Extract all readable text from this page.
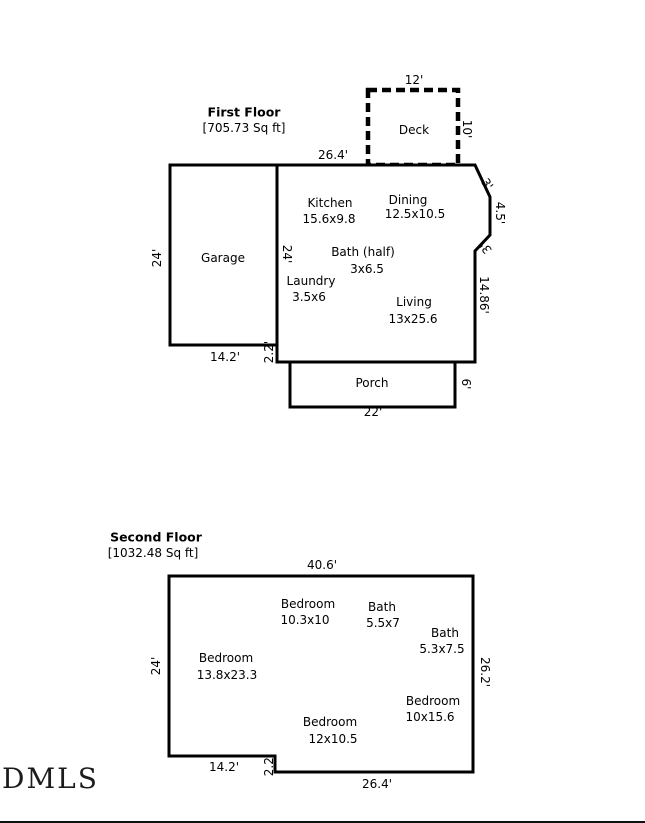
First Floor
[705.73 Sq ft]
12'
Deck	10'
26.4'
Kitchen
15.6x9.8
Dining
12.5x10.5
Garage
24'	24'	Bath (half)
3x6.5
Laundry
3.5x6	Living
13x25.6
14.2' 2.2'
Porch	6'
22'
3'
4.5'
3'
14.86'
Second Floor
[1032.48 Sq ft]
40.6'
Bedroom
10.3x10
Bath
5.5x7
Bath
5.3x7.5
Bedroom
13.8x23.3
24'	26.2'
Bedroom
10x15.6
Bedroom
12x10.5
14.2' 2.2'
26.4'
DMLS
